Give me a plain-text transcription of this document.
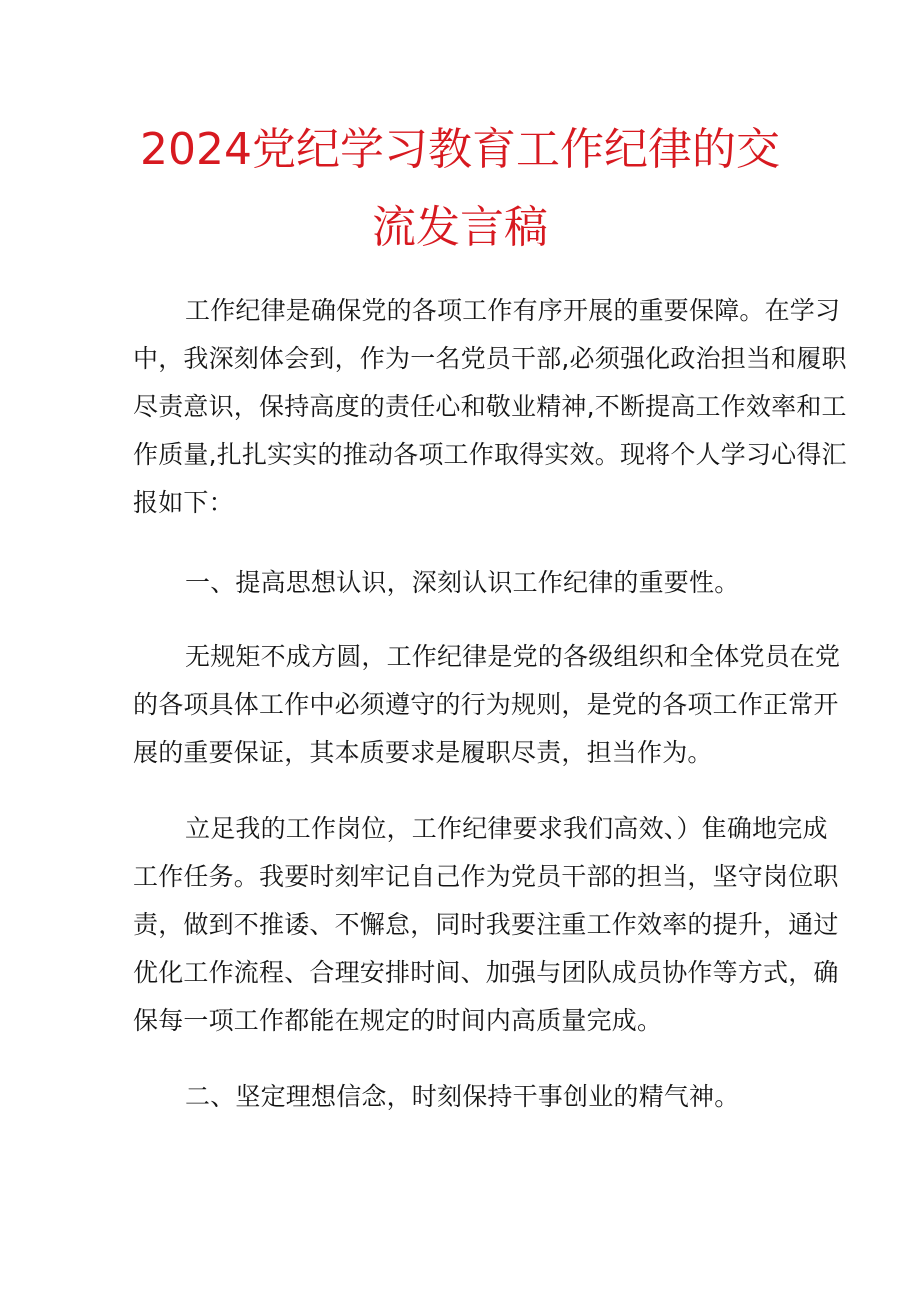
2024党纪学习教育工作纪律的交
流发言稿
工作纪律是确保党的各项工作有序开展的重要保障。在学习
中，我深刻体会到，作为一名党员干部,必须强化政治担当和履职
尽责意识，保持高度的责任心和敬业精神,不断提高工作效率和工
作质量,扎扎实实的推动各项工作取得实效。现将个人学习心得汇
报如下：
一、提高思想认识，深刻认识工作纪律的重要性。
无规矩不成方圆，工作纪律是党的各级组织和全体党员在党
的各项具体工作中必须遵守的行为规则，是党的各项工作正常开
展的重要保证，其本质要求是履职尽责，担当作为。
立足我的工作岗位，工作纪律要求我们高效、）隹确地完成
工作任务。我要时刻牢记自己作为党员干部的担当，坚守岗位职
责，做到不推诿、不懈怠，同时我要注重工作效率的提升，通过
优化工作流程、合理安排时间、加强与团队成员协作等方式，确
保每一项工作都能在规定的时间内高质量完成。
二、坚定理想信念，时刻保持干事创业的精气神。
